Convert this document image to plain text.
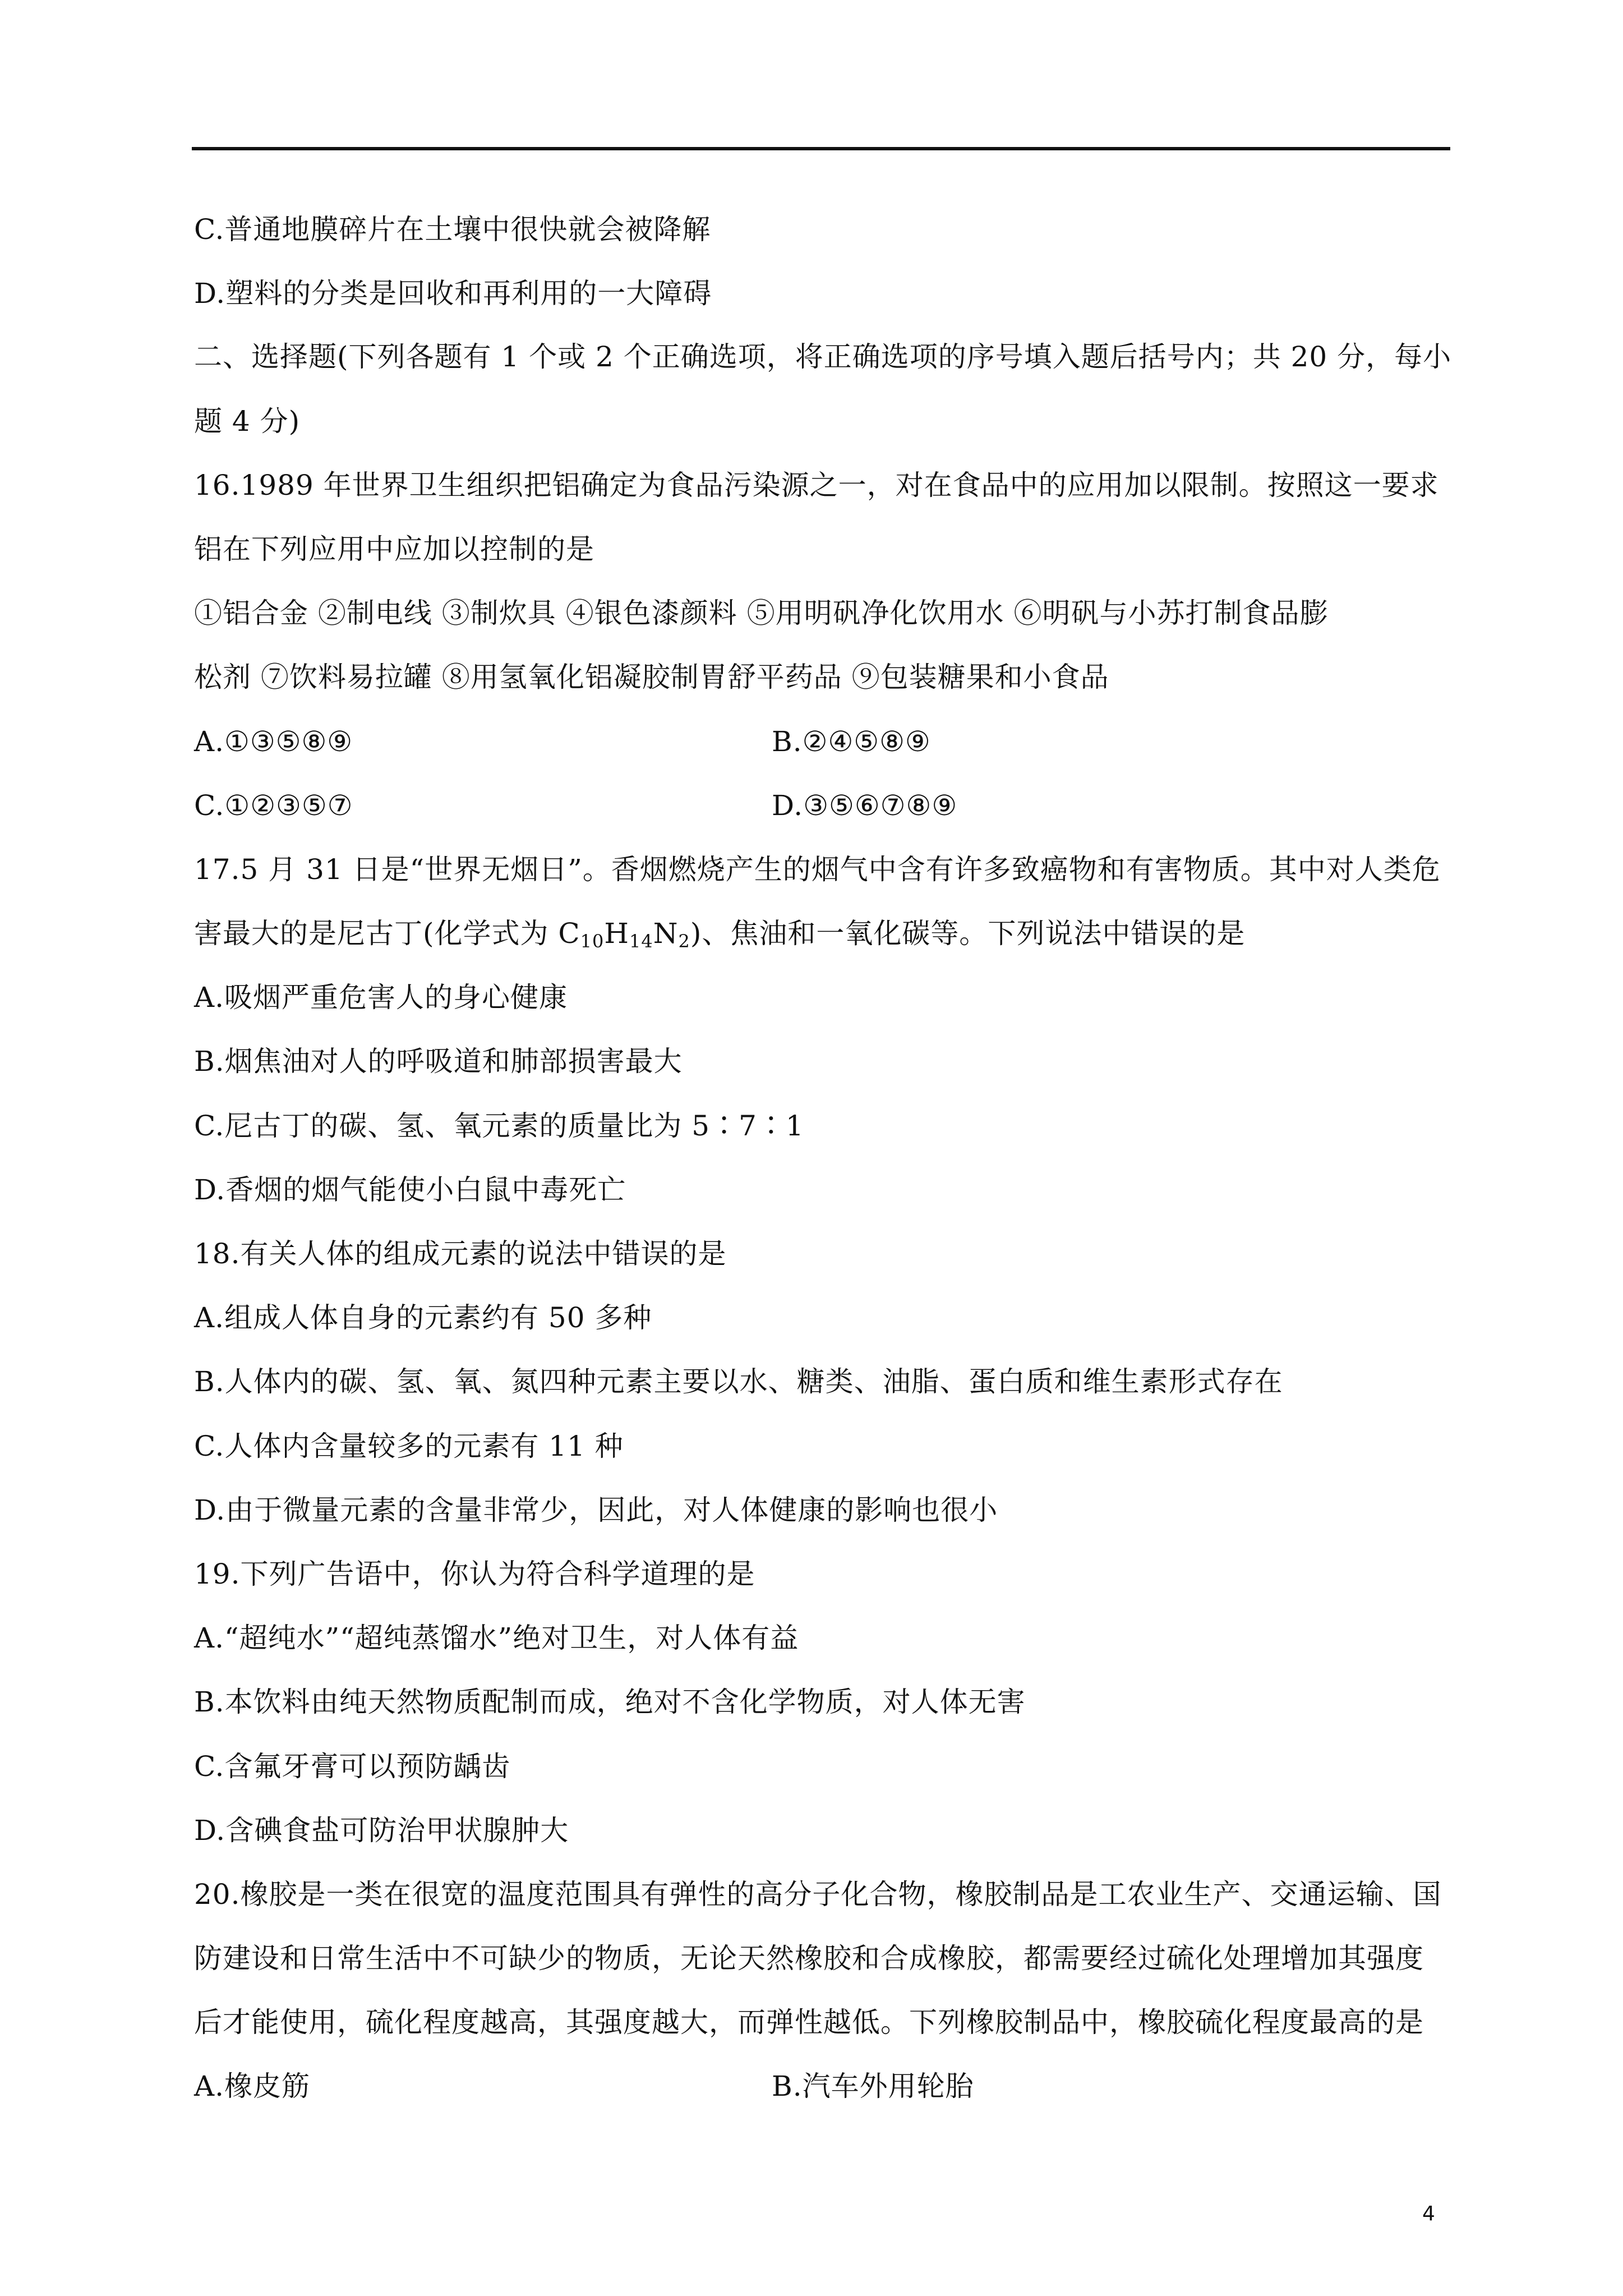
C.普通地膜碎片在土壤中很快就会被降解
D.塑料的分类是回收和再利用的一大障碍
二、选择题(下列各题有 1 个或 2 个正确选项，将正确选项的序号填入题后括号内；共 20 分，每小
题 4 分)
16.1989 年世界卫生组织把铝确定为食品污染源之一，对在食品中的应用加以限制。按照这一要求
铝在下列应用中应加以控制的是
①铝合金 ②制电线 ③制炊具 ④银色漆颜料 ⑤用明矾净化饮用水 ⑥明矾与小苏打制食品膨
松剂 ⑦饮料易拉罐 ⑧用氢氧化铝凝胶制胃舒平药品 ⑨包装糖果和小食品
A.①③⑤⑧⑨	B.②④⑤⑧⑨
C.①②③⑤⑦	D.③⑤⑥⑦⑧⑨
17.5 月 31 日是“世界无烟日”。香烟燃烧产生的烟气中含有许多致癌物和有害物质。其中对人类危
害最大的是尼古丁(化学式为 $C_{10}H_{14}N_2$)、焦油和一氧化碳等。下列说法中错误的是
A.吸烟严重危害人的身心健康
B.烟焦油对人的呼吸道和肺部损害最大
C.尼古丁的碳、氢、氧元素的质量比为 5∶7∶1
D.香烟的烟气能使小白鼠中毒死亡
18.有关人体的组成元素的说法中错误的是
A.组成人体自身的元素约有 50 多种
B.人体内的碳、氢、氧、氮四种元素主要以水、糖类、油脂、蛋白质和维生素形式存在
C.人体内含量较多的元素有 11 种
D.由于微量元素的含量非常少，因此，对人体健康的影响也很小
19.下列广告语中，你认为符合科学道理的是
A.“超纯水”“超纯蒸馏水”绝对卫生，对人体有益
B.本饮料由纯天然物质配制而成，绝对不含化学物质，对人体无害
C.含氟牙膏可以预防龋齿
D.含碘食盐可防治甲状腺肿大
20.橡胶是一类在很宽的温度范围具有弹性的高分子化合物，橡胶制品是工农业生产、交通运输、国
防建设和日常生活中不可缺少的物质，无论天然橡胶和合成橡胶，都需要经过硫化处理增加其强度
后才能使用，硫化程度越高，其强度越大，而弹性越低。下列橡胶制品中，橡胶硫化程度最高的是
A.橡皮筋	B.汽车外用轮胎
4
